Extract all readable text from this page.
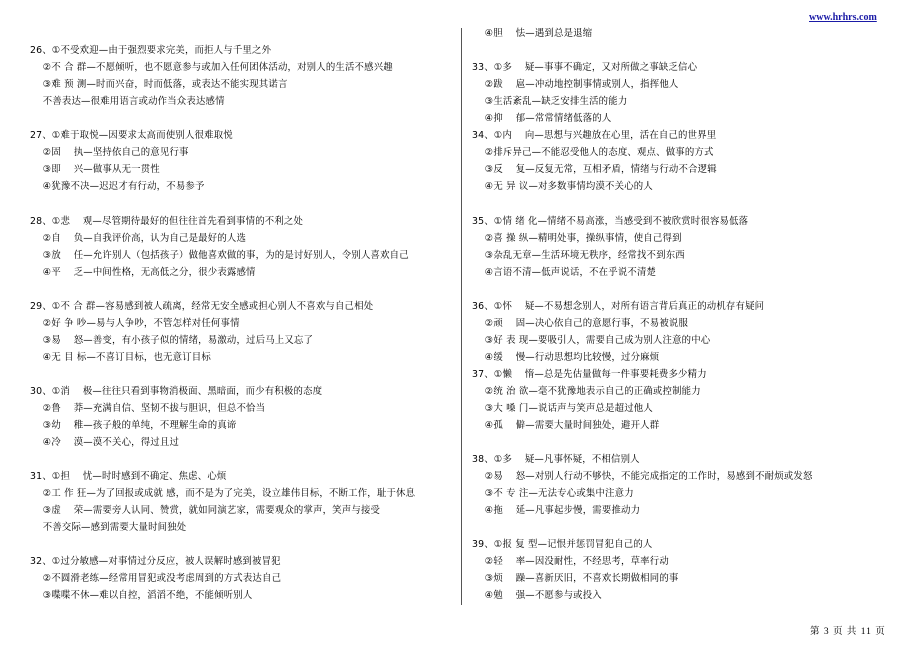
www.hrhrs.com
26、①不受欢迎—由于强烈要求完美，而拒人与千里之外
　 ②不 合 群—不愿倾听，也不愿意参与或加入任何团体活动，对别人的生活不感兴趣
　 ③难 预 测—时而兴奋，时而低落，或表达不能实现其诺言
　 不善表达—很难用语言或动作当众表达感情
27、①难于取悦—因要求太高而使别人很难取悦
　 ②固　 执—坚持依自己的意见行事
　 ③即　 兴—做事从无一贯性
　 ④犹豫不决—迟迟才有行动，不易参予
28、①悲　 观—尽管期待最好的但往往首先看到事情的不利之处
　 ②自　 负—自我评价高，认为自己是最好的人选
　 ③放　 任—允许别人（包括孩子）做他喜欢做的事，为的是讨好别人，令别人喜欢自己
　 ④平　 乏—中间性格，无高低之分，很少表露感情
29、①不 合 群—容易感到被人疏离，经常无安全感或担心别人不喜欢与自己相处
　 ②好 争 吵—易与人争吵，不管怎样对任何事情
　 ③易　 怒—善变，有小孩子似的情绪，易激动，过后马上又忘了
　 ④无 目 标—不喜订目标，也无意订目标
30、①消　 极—往往只看到事物消极面、黑暗面，而少有积极的态度
　 ②鲁　 莽—充满自信、坚韧不拔与胆识，但总不恰当
　 ③幼　 稚—孩子般的单纯，不理解生命的真谛
　 ④冷　 漠—漠不关心，得过且过
31、①担　 忧—时时感到不确定、焦虑、心烦
　 ②工 作 狂—为了回报或成就 感，而不是为了完美，设立雄伟目标，不断工作，耻于休息
　 ③虚　 荣—需要旁人认同、赞赏，就如同演艺家，需要观众的掌声，笑声与接受
　 不善交际—感到需要大量时间独处
32、①过分敏感—对事情过分反应，被人误解时感到被冒犯
　 ②不圆滑老练—经常用冒犯或没考虑周到的方式表达自己
　 ③喋喋不休—难以自控，滔滔不绝，不能倾听别人
　 ④胆　 怯—遇到总是退缩
33、①多　 疑—事事不确定，又对所做之事缺乏信心
　 ②跋　 扈—冲动地控制事情或别人，指挥他人
　 ③生活紊乱—缺乏安排生活的能力
　 ④抑　 郁—常常情绪低落的人
34、①内　 向—思想与兴趣放在心里，活在自己的世界里
　 ②排斥异己—不能忍受他人的态度、观点、做事的方式
　 ③反　 复—反复无常，互相矛盾，情绪与行动不合逻辑
　 ④无 异 议—对多数事情均漠不关心的人
35、①情 绪 化—情绪不易高涨，当感受到不被欣赏时很容易低落
　 ②喜 操 纵—精明处事，操纵事情，使自己得到
　 ③杂乱无章—生活环境无秩序，经常找不到东西
　 ④言语不清—低声说话，不在乎说不清楚
36、①怀　 疑—不易想念别人，对所有语言背后真正的动机存有疑问
　 ②顽　 固—决心依自己的意愿行事，不易被说服
　 ③好 表 现—要吸引人，需要自己成为别人注意的中心
　 ④缓　 慢—行动思想均比较慢，过分麻烦
37、①懒　 惰—总是先估量做每一件事要耗费多少精力
　 ②统 治 欲—毫不犹豫地表示自己的正确或控制能力
　 ③大 嗓 门—说话声与笑声总是超过他人
　 ④孤　 僻—需要大量时间独处，避开人群
38、①多　 疑—凡事怀疑，不相信别人
　 ②易　 怒—对别人行动不够快，不能完成指定的工作时，易感到不耐烦或发怒
　 ③不 专 注—无法专心或集中注意力
　 ④拖　 延—凡事起步慢，需要推动力
39、①报 复 型—记恨并惩罚冒犯自己的人
　 ②轻　 率—因没耐性，不经思考，草率行动
　 ③烦　 躁—喜新厌旧，不喜欢长期做相同的事
　 ④勉　 强—不愿参与或投入
第 3 页 共 11 页
